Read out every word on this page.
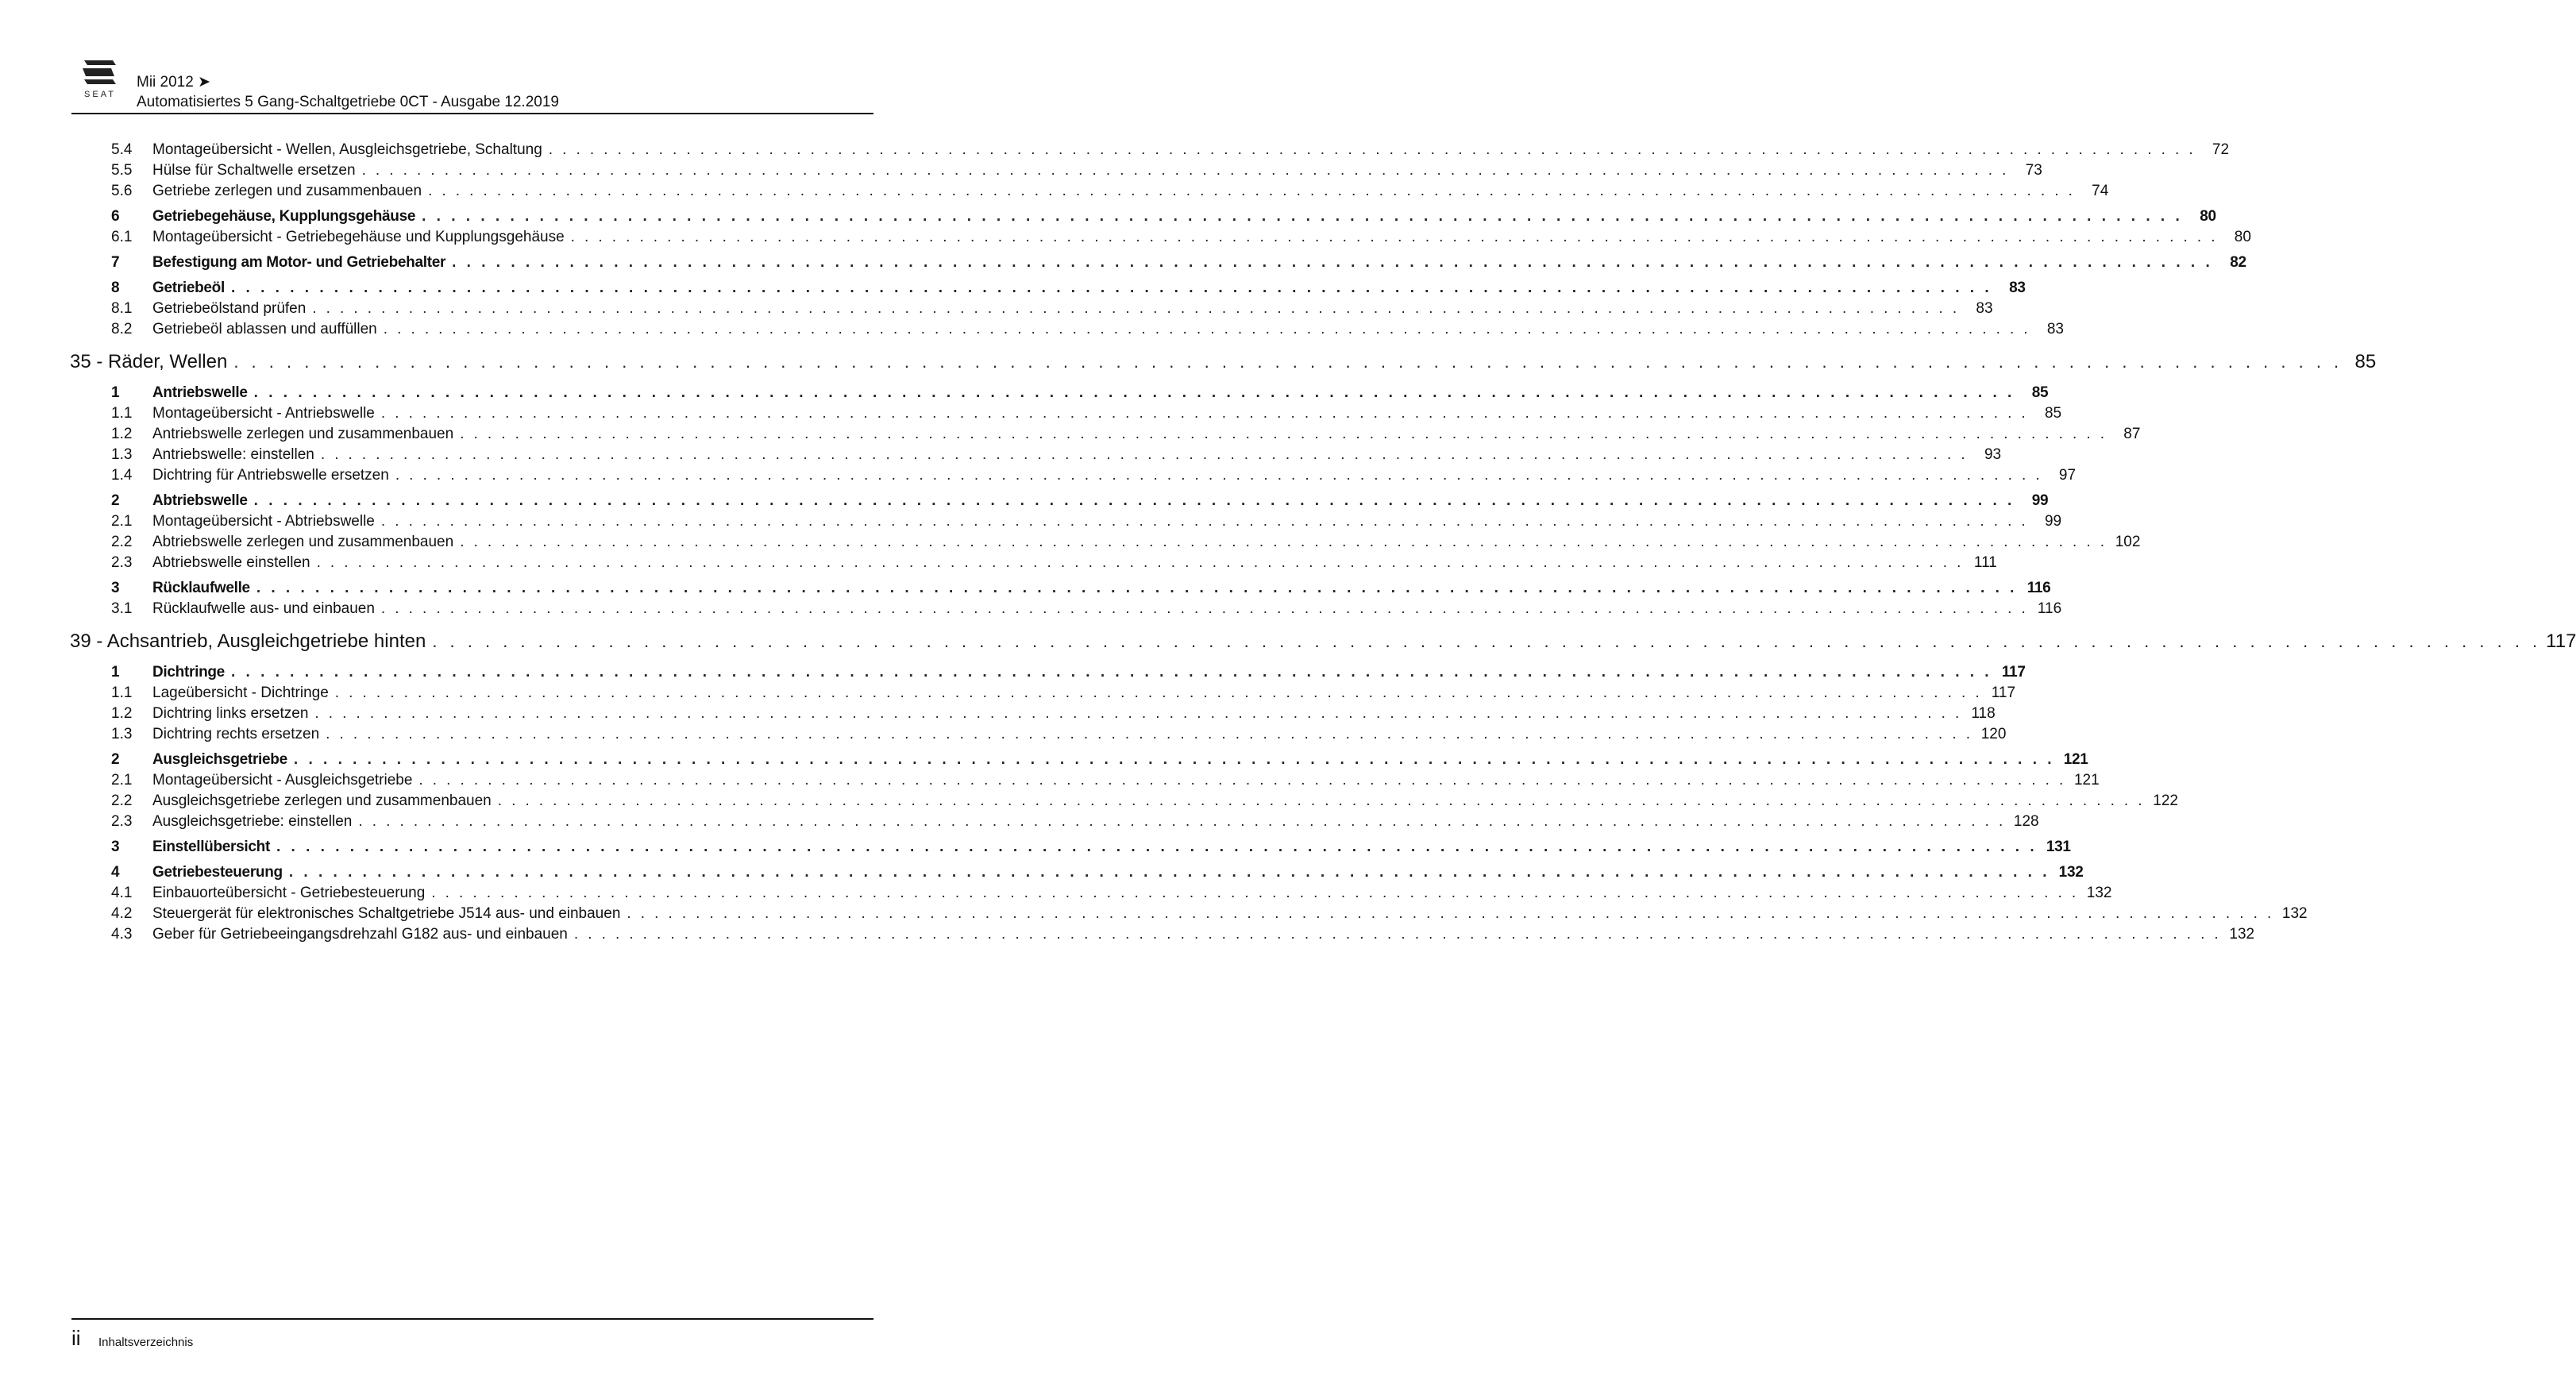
SEAT
Mii 2012 ➤
Automatisiertes 5 Gang-Schaltgetriebe 0CT - Ausgabe 12.2019
5.4	Montageübersicht - Wellen, Ausgleichsgetriebe, Schaltung . . . . . . . . . . . . . . . . . . . . . . . . . . . . . . . . . . . . . . . . . . . . . . . . . . . . . . . . . . . . . . . . . . . . . . . . . . . . . . . . . . . . . . . . . . . . . . . . . . . . . . . . . . . . . . . . . . . . . . . .	72
5.5	Hülse für Schaltwelle ersetzen . . . . . . . . . . . . . . . . . . . . . . . . . . . . . . . . . . . . . . . . . . . . . . . . . . . . . . . . . . . . . . . . . . . . . . . . . . . . . . . . . . . . . . . . . . . . . . . . . . . . . . . . . . . . . . . . . . . . . . . .	73
5.6	Getriebe zerlegen und zusammenbauen . . . . . . . . . . . . . . . . . . . . . . . . . . . . . . . . . . . . . . . . . . . . . . . . . . . . . . . . . . . . . . . . . . . . . . . . . . . . . . . . . . . . . . . . . . . . . . . . . . . . . . . . . . . . . . . . . . . . . . . .	74
6	Getriebegehäuse, Kupplungsgehäuse . . . . . . . . . . . . . . . . . . . . . . . . . . . . . . . . . . . . . . . . . . . . . . . . . . . . . . . . . . . . . . . . . . . . . . . . . . . . . . . . . . . . . . . . . . . . . . . . . . . . . . . . . . . . . . . . . . . . . . . .	80
6.1	Montageübersicht - Getriebegehäuse und Kupplungsgehäuse . . . . . . . . . . . . . . . . . . . . . . . . . . . . . . . . . . . . . . . . . . . . . . . . . . . . . . . . . . . . . . . . . . . . . . . . . . . . . . . . . . . . . . . . . . . . . . . . . . . . . . . . . . . . . . . . . . . . . . . .	80
7	Befestigung am Motor- und Getriebehalter . . . . . . . . . . . . . . . . . . . . . . . . . . . . . . . . . . . . . . . . . . . . . . . . . . . . . . . . . . . . . . . . . . . . . . . . . . . . . . . . . . . . . . . . . . . . . . . . . . . . . . . . . . . . . . . . . . . . . . . .	82
8	Getriebeöl . . . . . . . . . . . . . . . . . . . . . . . . . . . . . . . . . . . . . . . . . . . . . . . . . . . . . . . . . . . . . . . . . . . . . . . . . . . . . . . . . . . . . . . . . . . . . . . . . . . . . . . . . . . . . . . . . . . . . . . .	83
8.1	Getriebeölstand prüfen . . . . . . . . . . . . . . . . . . . . . . . . . . . . . . . . . . . . . . . . . . . . . . . . . . . . . . . . . . . . . . . . . . . . . . . . . . . . . . . . . . . . . . . . . . . . . . . . . . . . . . . . . . . . . . . . . . . . . . . .	83
8.2	Getriebeöl ablassen und auffüllen . . . . . . . . . . . . . . . . . . . . . . . . . . . . . . . . . . . . . . . . . . . . . . . . . . . . . . . . . . . . . . . . . . . . . . . . . . . . . . . . . . . . . . . . . . . . . . . . . . . . . . . . . . . . . . . . . . . . . . . .	83
35 - Räder, Wellen . . . . . . . . . . . . . . . . . . . . . . . . . . . . . . . . . . . . . . . . . . . . . . . . . . . . . . . . . . . . . . . . . . . . . . . . . . . . . . . . . . . . . . . . . . . . . . . . . . . . . . . . . . . . . . . . . . . . . . . . 85
1	Antriebswelle . . . . . . . . . . . . . . . . . . . . . . . . . . . . . . . . . . . . . . . . . . . . . . . . . . . . . . . . . . . . . . . . . . . . . . . . . . . . . . . . . . . . . . . . . . . . . . . . . . . . . . . . . . . . . . . . . . . . . . . .	85
1.1	Montageübersicht - Antriebswelle . . . . . . . . . . . . . . . . . . . . . . . . . . . . . . . . . . . . . . . . . . . . . . . . . . . . . . . . . . . . . . . . . . . . . . . . . . . . . . . . . . . . . . . . . . . . . . . . . . . . . . . . . . . . . . . . . . . . . . . .	85
1.2	Antriebswelle zerlegen und zusammenbauen . . . . . . . . . . . . . . . . . . . . . . . . . . . . . . . . . . . . . . . . . . . . . . . . . . . . . . . . . . . . . . . . . . . . . . . . . . . . . . . . . . . . . . . . . . . . . . . . . . . . . . . . . . . . . . . . . . . . . . . .	87
1.3	Antriebswelle: einstellen . . . . . . . . . . . . . . . . . . . . . . . . . . . . . . . . . . . . . . . . . . . . . . . . . . . . . . . . . . . . . . . . . . . . . . . . . . . . . . . . . . . . . . . . . . . . . . . . . . . . . . . . . . . . . . . . . . . . . . . .	93
1.4	Dichtring für Antriebswelle ersetzen . . . . . . . . . . . . . . . . . . . . . . . . . . . . . . . . . . . . . . . . . . . . . . . . . . . . . . . . . . . . . . . . . . . . . . . . . . . . . . . . . . . . . . . . . . . . . . . . . . . . . . . . . . . . . . . . . . . . . . . .	97
2	Abtriebswelle . . . . . . . . . . . . . . . . . . . . . . . . . . . . . . . . . . . . . . . . . . . . . . . . . . . . . . . . . . . . . . . . . . . . . . . . . . . . . . . . . . . . . . . . . . . . . . . . . . . . . . . . . . . . . . . . . . . . . . . .	99
2.1	Montageübersicht - Abtriebswelle . . . . . . . . . . . . . . . . . . . . . . . . . . . . . . . . . . . . . . . . . . . . . . . . . . . . . . . . . . . . . . . . . . . . . . . . . . . . . . . . . . . . . . . . . . . . . . . . . . . . . . . . . . . . . . . . . . . . . . . .	99
2.2	Abtriebswelle zerlegen und zusammenbauen . . . . . . . . . . . . . . . . . . . . . . . . . . . . . . . . . . . . . . . . . . . . . . . . . . . . . . . . . . . . . . . . . . . . . . . . . . . . . . . . . . . . . . . . . . . . . . . . . . . . . . . . . . . . . . . . . . . . . . . . 102
2.3	Abtriebswelle einstellen . . . . . . . . . . . . . . . . . . . . . . . . . . . . . . . . . . . . . . . . . . . . . . . . . . . . . . . . . . . . . . . . . . . . . . . . . . . . . . . . . . . . . . . . . . . . . . . . . . . . . . . . . . . . . . . . . . . . . . . . 111
3	Rücklaufwelle . . . . . . . . . . . . . . . . . . . . . . . . . . . . . . . . . . . . . . . . . . . . . . . . . . . . . . . . . . . . . . . . . . . . . . . . . . . . . . . . . . . . . . . . . . . . . . . . . . . . . . . . . . . . . . . . . . . . . . . . 116
3.1	Rücklaufwelle aus- und einbauen . . . . . . . . . . . . . . . . . . . . . . . . . . . . . . . . . . . . . . . . . . . . . . . . . . . . . . . . . . . . . . . . . . . . . . . . . . . . . . . . . . . . . . . . . . . . . . . . . . . . . . . . . . . . . . . . . . . . . . . . 116
39 - Achsantrieb, Ausgleichgetriebe hinten . . . . . . . . . . . . . . . . . . . . . . . . . . . . . . . . . . . . . . . . . . . . . . . . . . . . . . . . . . . . . . . . . . . . . . . . . . . . . . . . . . . . . . . . . . . . . . . . . . . . . . . . . . . . . . . . . . . . . . . . 117
1	Dichtringe . . . . . . . . . . . . . . . . . . . . . . . . . . . . . . . . . . . . . . . . . . . . . . . . . . . . . . . . . . . . . . . . . . . . . . . . . . . . . . . . . . . . . . . . . . . . . . . . . . . . . . . . . . . . . . . . . . . . . . . . 117
1.1	Lageübersicht - Dichtringe . . . . . . . . . . . . . . . . . . . . . . . . . . . . . . . . . . . . . . . . . . . . . . . . . . . . . . . . . . . . . . . . . . . . . . . . . . . . . . . . . . . . . . . . . . . . . . . . . . . . . . . . . . . . . . . . . . . . . . . . 117
1.2	Dichtring links ersetzen . . . . . . . . . . . . . . . . . . . . . . . . . . . . . . . . . . . . . . . . . . . . . . . . . . . . . . . . . . . . . . . . . . . . . . . . . . . . . . . . . . . . . . . . . . . . . . . . . . . . . . . . . . . . . . . . . . . . . . . . 118
1.3	Dichtring rechts ersetzen . . . . . . . . . . . . . . . . . . . . . . . . . . . . . . . . . . . . . . . . . . . . . . . . . . . . . . . . . . . . . . . . . . . . . . . . . . . . . . . . . . . . . . . . . . . . . . . . . . . . . . . . . . . . . . . . . . . . . . . . 120
2	Ausgleichsgetriebe . . . . . . . . . . . . . . . . . . . . . . . . . . . . . . . . . . . . . . . . . . . . . . . . . . . . . . . . . . . . . . . . . . . . . . . . . . . . . . . . . . . . . . . . . . . . . . . . . . . . . . . . . . . . . . . . . . . . . . . . 121
2.1	Montageübersicht - Ausgleichsgetriebe . . . . . . . . . . . . . . . . . . . . . . . . . . . . . . . . . . . . . . . . . . . . . . . . . . . . . . . . . . . . . . . . . . . . . . . . . . . . . . . . . . . . . . . . . . . . . . . . . . . . . . . . . . . . . . . . . . . . . . . . 121
2.2	Ausgleichsgetriebe zerlegen und zusammenbauen . . . . . . . . . . . . . . . . . . . . . . . . . . . . . . . . . . . . . . . . . . . . . . . . . . . . . . . . . . . . . . . . . . . . . . . . . . . . . . . . . . . . . . . . . . . . . . . . . . . . . . . . . . . . . . . . . . . . . . . . 122
2.3	Ausgleichsgetriebe: einstellen . . . . . . . . . . . . . . . . . . . . . . . . . . . . . . . . . . . . . . . . . . . . . . . . . . . . . . . . . . . . . . . . . . . . . . . . . . . . . . . . . . . . . . . . . . . . . . . . . . . . . . . . . . . . . . . . . . . . . . . . 128
3	Einstellübersicht . . . . . . . . . . . . . . . . . . . . . . . . . . . . . . . . . . . . . . . . . . . . . . . . . . . . . . . . . . . . . . . . . . . . . . . . . . . . . . . . . . . . . . . . . . . . . . . . . . . . . . . . . . . . . . . . . . . . . . . . 131
4	Getriebesteuerung . . . . . . . . . . . . . . . . . . . . . . . . . . . . . . . . . . . . . . . . . . . . . . . . . . . . . . . . . . . . . . . . . . . . . . . . . . . . . . . . . . . . . . . . . . . . . . . . . . . . . . . . . . . . . . . . . . . . . . . . 132
4.1	Einbauorteübersicht - Getriebesteuerung . . . . . . . . . . . . . . . . . . . . . . . . . . . . . . . . . . . . . . . . . . . . . . . . . . . . . . . . . . . . . . . . . . . . . . . . . . . . . . . . . . . . . . . . . . . . . . . . . . . . . . . . . . . . . . . . . . . . . . . . 132
4.2	Steuergerät für elektronisches Schaltgetriebe J514 aus- und einbauen . . . . . . . . . . . . . . . . . . . . . . . . . . . . . . . . . . . . . . . . . . . . . . . . . . . . . . . . . . . . . . . . . . . . . . . . . . . . . . . . . . . . . . . . . . . . . . . . . . . . . . . . . . . . . . . . . . . . . . . . 132
4.3	Geber für Getriebeeingangsdrehzahl G182 aus- und einbauen . . . . . . . . . . . . . . . . . . . . . . . . . . . . . . . . . . . . . . . . . . . . . . . . . . . . . . . . . . . . . . . . . . . . . . . . . . . . . . . . . . . . . . . . . . . . . . . . . . . . . . . . . . . . . . . . . . . . . . . . 132
ii Inhaltsverzeichnis
